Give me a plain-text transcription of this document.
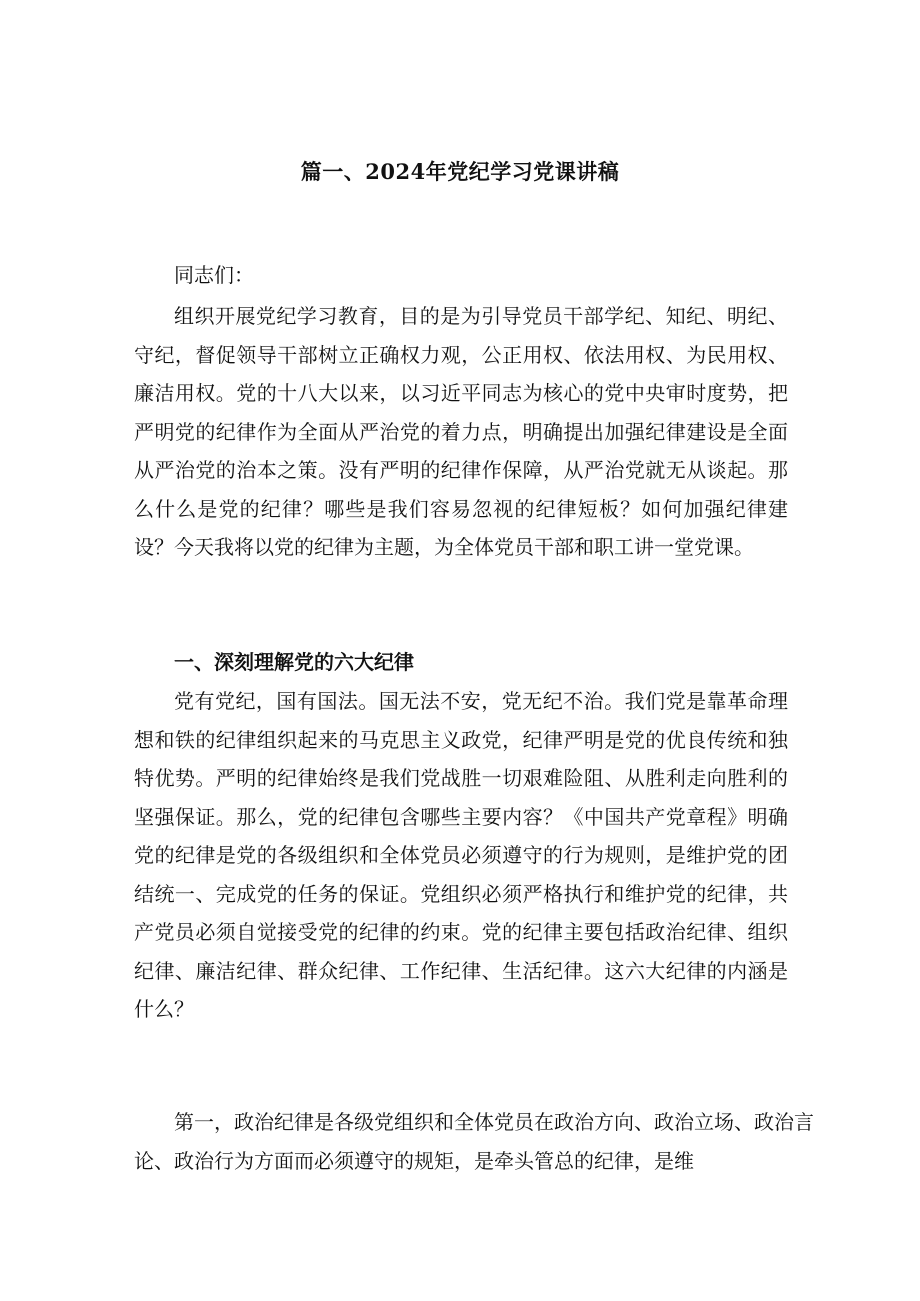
篇一、2024年党纪学习党课讲稿

同志们：

组织开展党纪学习教育，目的是为引导党员干部学纪、知纪、明纪、守纪，督促领导干部树立正确权力观，公正用权、依法用权、为民用权、廉洁用权。党的十八大以来，以习近平同志为核心的党中央审时度势，把严明党的纪律作为全面从严治党的着力点，明确提出加强纪律建设是全面从严治党的治本之策。没有严明的纪律作保障，从严治党就无从谈起。那么什么是党的纪律？哪些是我们容易忽视的纪律短板？如何加强纪律建设？今天我将以党的纪律为主题，为全体党员干部和职工讲一堂党课。

一、深刻理解党的六大纪律

党有党纪，国有国法。国无法不安，党无纪不治。我们党是靠革命理想和铁的纪律组织起来的马克思主义政党，纪律严明是党的优良传统和独特优势。严明的纪律始终是我们党战胜一切艰难险阻、从胜利走向胜利的坚强保证。那么，党的纪律包含哪些主要内容？《中国共产党章程》明确党的纪律是党的各级组织和全体党员必须遵守的行为规则，是维护党的团结统一、完成党的任务的保证。党组织必须严格执行和维护党的纪律，共产党员必须自觉接受党的纪律的约束。党的纪律主要包括政治纪律、组织纪律、廉洁纪律、群众纪律、工作纪律、生活纪律。这六大纪律的内涵是什么？

第一，政治纪律是各级党组织和全体党员在政治方向、政治立场、政治言论、政治行为方面而必须遵守的规矩，是牵头管总的纪律，是维
